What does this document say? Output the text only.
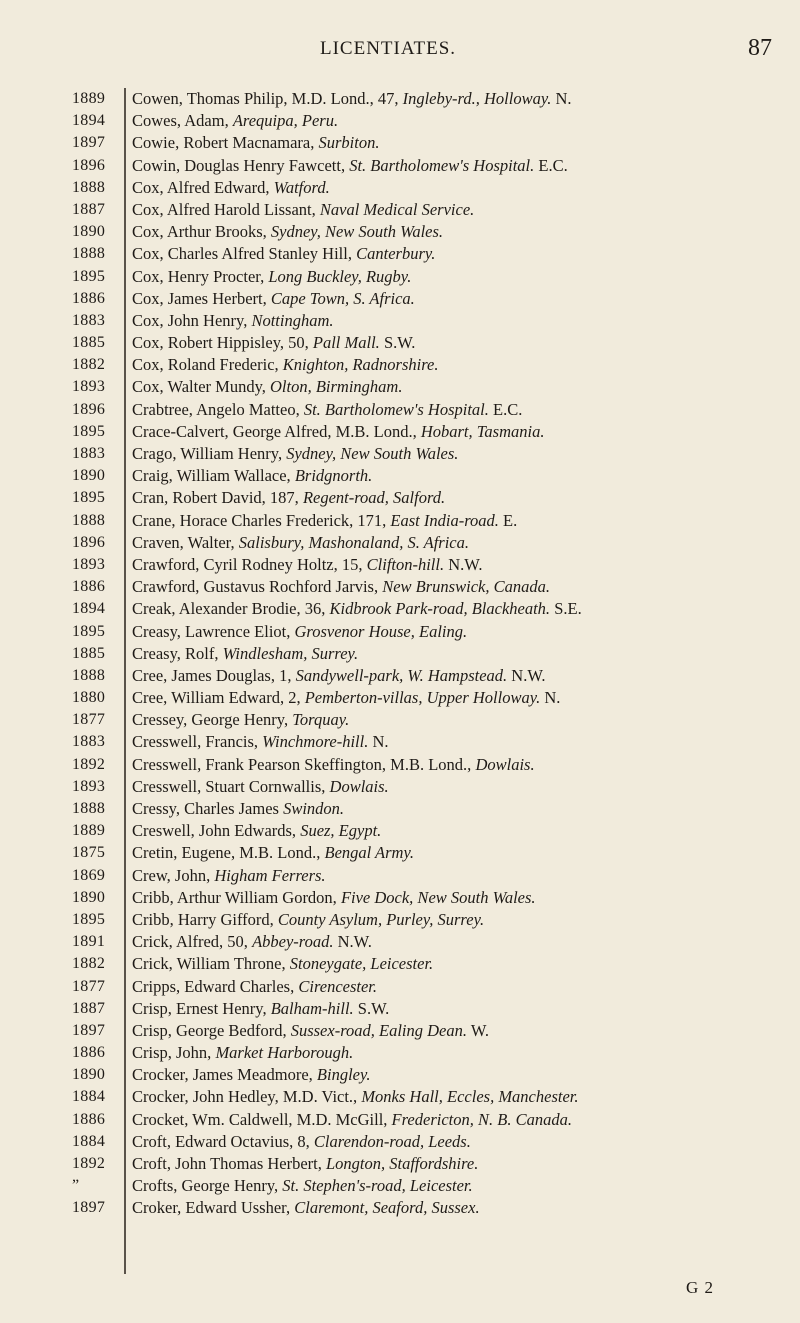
LICENTIATES.	87
1889	Cowen, Thomas Philip, M.D. Lond., 47, Ingleby-rd., Holloway. N.
1894	Cowes, Adam, Arequipa, Peru.
1897	Cowie, Robert Macnamara, Surbiton.
1896	Cowin, Douglas Henry Fawcett, St. Bartholomew's Hospital. E.C.
1888	Cox, Alfred Edward, Watford.
1887	Cox, Alfred Harold Lissant, Naval Medical Service.
1890	Cox, Arthur Brooks, Sydney, New South Wales.
1888	Cox, Charles Alfred Stanley Hill, Canterbury.
1895	Cox, Henry Procter, Long Buckley, Rugby.
1886	Cox, James Herbert, Cape Town, S. Africa.
1883	Cox, John Henry, Nottingham.
1885	Cox, Robert Hippisley, 50, Pall Mall. S.W.
1882	Cox, Roland Frederic, Knighton, Radnorshire.
1893	Cox, Walter Mundy, Olton, Birmingham.
1896	Crabtree, Angelo Matteo, St. Bartholomew's Hospital. E.C.
1895	Crace-Calvert, George Alfred, M.B. Lond., Hobart, Tasmania.
1883	Crago, William Henry, Sydney, New South Wales.
1890	Craig, William Wallace, Bridgnorth.
1895	Cran, Robert David, 187, Regent-road, Salford.
1888	Crane, Horace Charles Frederick, 171, East India-road. E.
1896	Craven, Walter, Salisbury, Mashonaland, S. Africa.
1893	Crawford, Cyril Rodney Holtz, 15, Clifton-hill. N.W.
1886	Crawford, Gustavus Rochford Jarvis, New Brunswick, Canada.
1894	Creak, Alexander Brodie, 36, Kidbrook Park-road, Blackheath. S.E.
1895	Creasy, Lawrence Eliot, Grosvenor House, Ealing.
1885	Creasy, Rolf, Windlesham, Surrey.
1888	Cree, James Douglas, 1, Sandywell-park, W. Hampstead. N.W.
1880	Cree, William Edward, 2, Pemberton-villas, Upper Holloway. N.
1877	Cressey, George Henry, Torquay.
1883	Cresswell, Francis, Winchmore-hill. N.
1892	Cresswell, Frank Pearson Skeffington, M.B. Lond., Dowlais.
1893	Cresswell, Stuart Cornwallis, Dowlais.
1888	Cressy, Charles James Swindon.
1889	Creswell, John Edwards, Suez, Egypt.
1875	Cretin, Eugene, M.B. Lond., Bengal Army.
1869	Crew, John, Higham Ferrers.
1890	Cribb, Arthur William Gordon, Five Dock, New South Wales.
1895	Cribb, Harry Gifford, County Asylum, Purley, Surrey.
1891	Crick, Alfred, 50, Abbey-road. N.W.
1882	Crick, William Throne, Stoneygate, Leicester.
1877	Cripps, Edward Charles, Cirencester.
1887	Crisp, Ernest Henry, Balham-hill. S.W.
1897	Crisp, George Bedford, Sussex-road, Ealing Dean. W.
1886	Crisp, John, Market Harborough.
1890	Crocker, James Meadmore, Bingley.
1884	Crocker, John Hedley, M.D. Vict., Monks Hall, Eccles, Manchester.
1886	Crocket, Wm. Caldwell, M.D. McGill, Fredericton, N. B. Canada.
1884	Croft, Edward Octavius, 8, Clarendon-road, Leeds.
1892	Croft, John Thomas Herbert, Longton, Staffordshire.
”	Crofts, George Henry, St. Stephen's-road, Leicester.
1897	Croker, Edward Ussher, Claremont, Seaford, Sussex.
G 2
